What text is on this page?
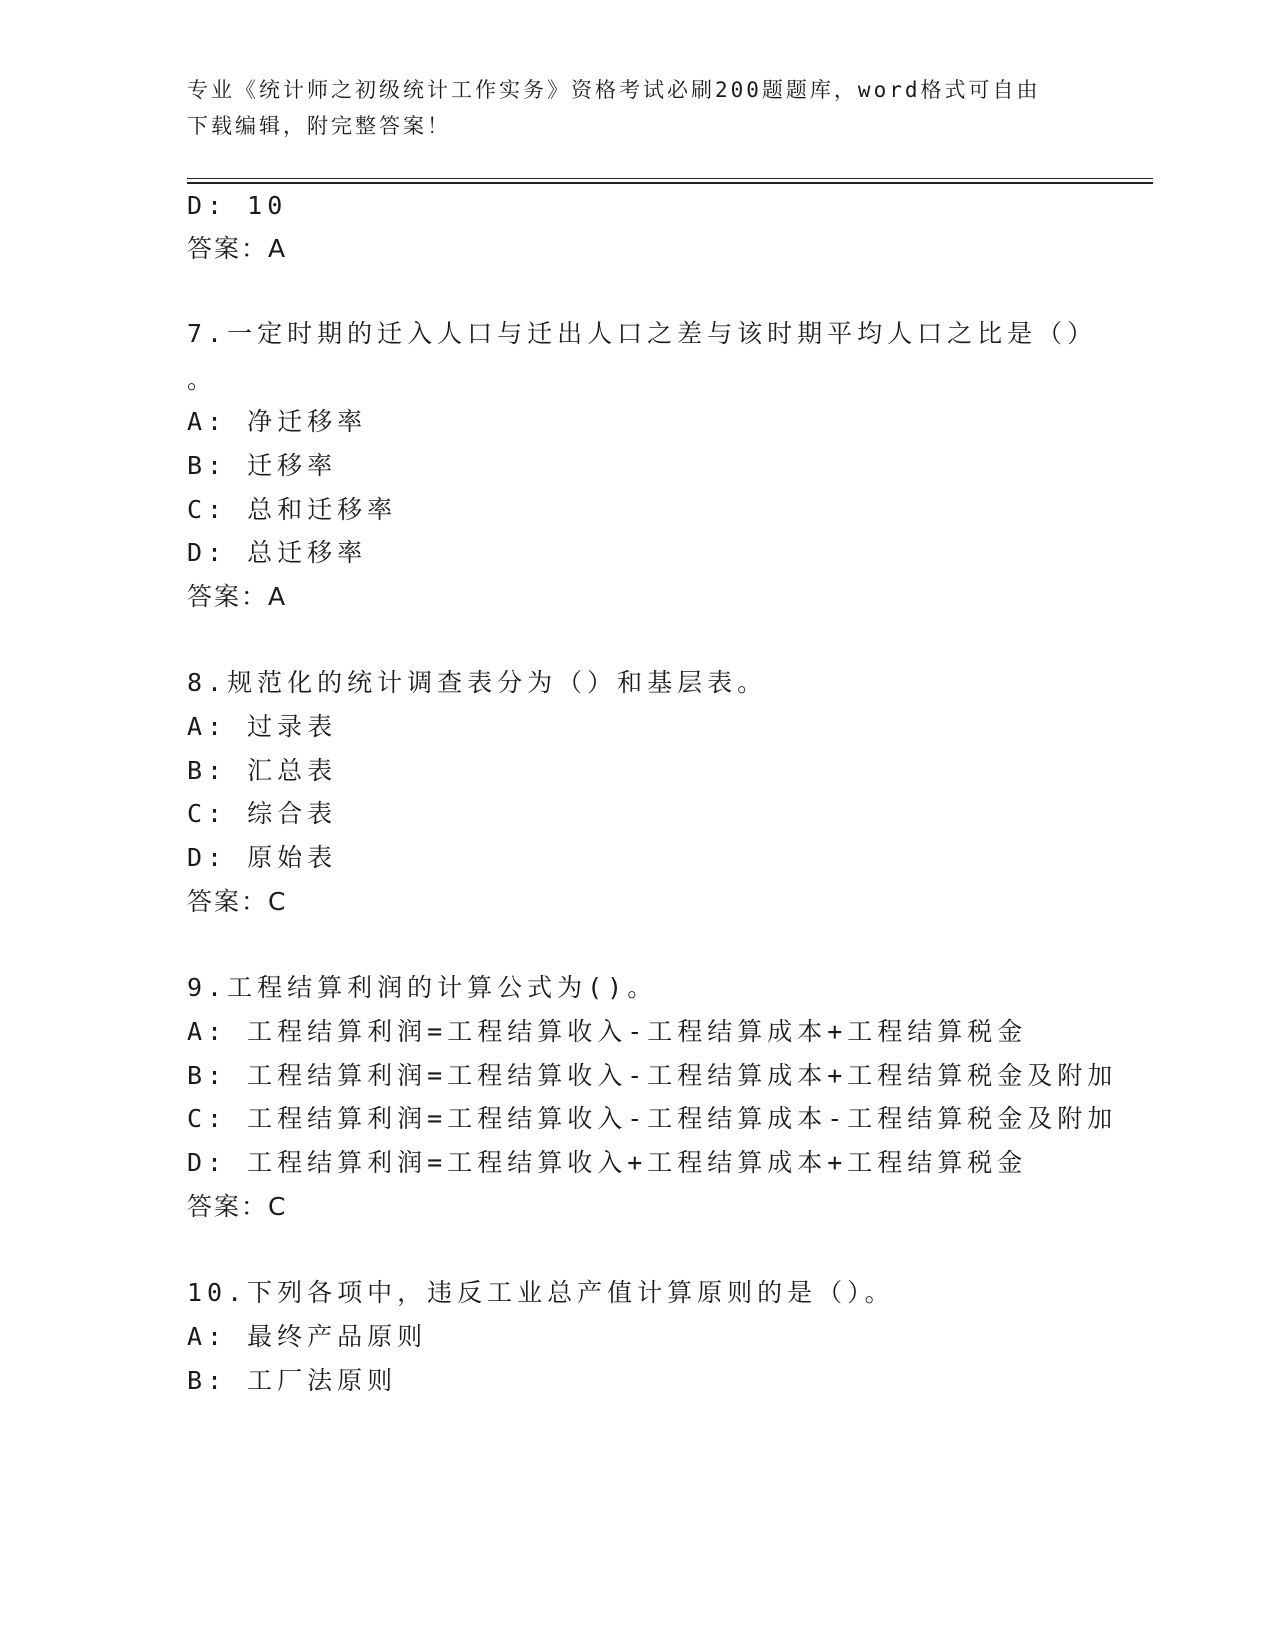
专业《统计师之初级统计工作实务》资格考试必刷200题题库，word格式可自由
下载编辑，附完整答案！
D: 10
答案：A
7.一定时期的迁入人口与迁出人口之差与该时期平均人口之比是（）
。
A: 净迁移率
B: 迁移率
C: 总和迁移率
D: 总迁移率
答案：A
8.规范化的统计调查表分为（）和基层表。
A: 过录表
B: 汇总表
C: 综合表
D: 原始表
答案：C
9.工程结算利润的计算公式为()。
A: 工程结算利润=工程结算收入-工程结算成本+工程结算税金
B: 工程结算利润=工程结算收入-工程结算成本+工程结算税金及附加
C: 工程结算利润=工程结算收入-工程结算成本-工程结算税金及附加
D: 工程结算利润=工程结算收入+工程结算成本+工程结算税金
答案：C
10.下列各项中，违反工业总产值计算原则的是（）。
A: 最终产品原则
B: 工厂法原则
